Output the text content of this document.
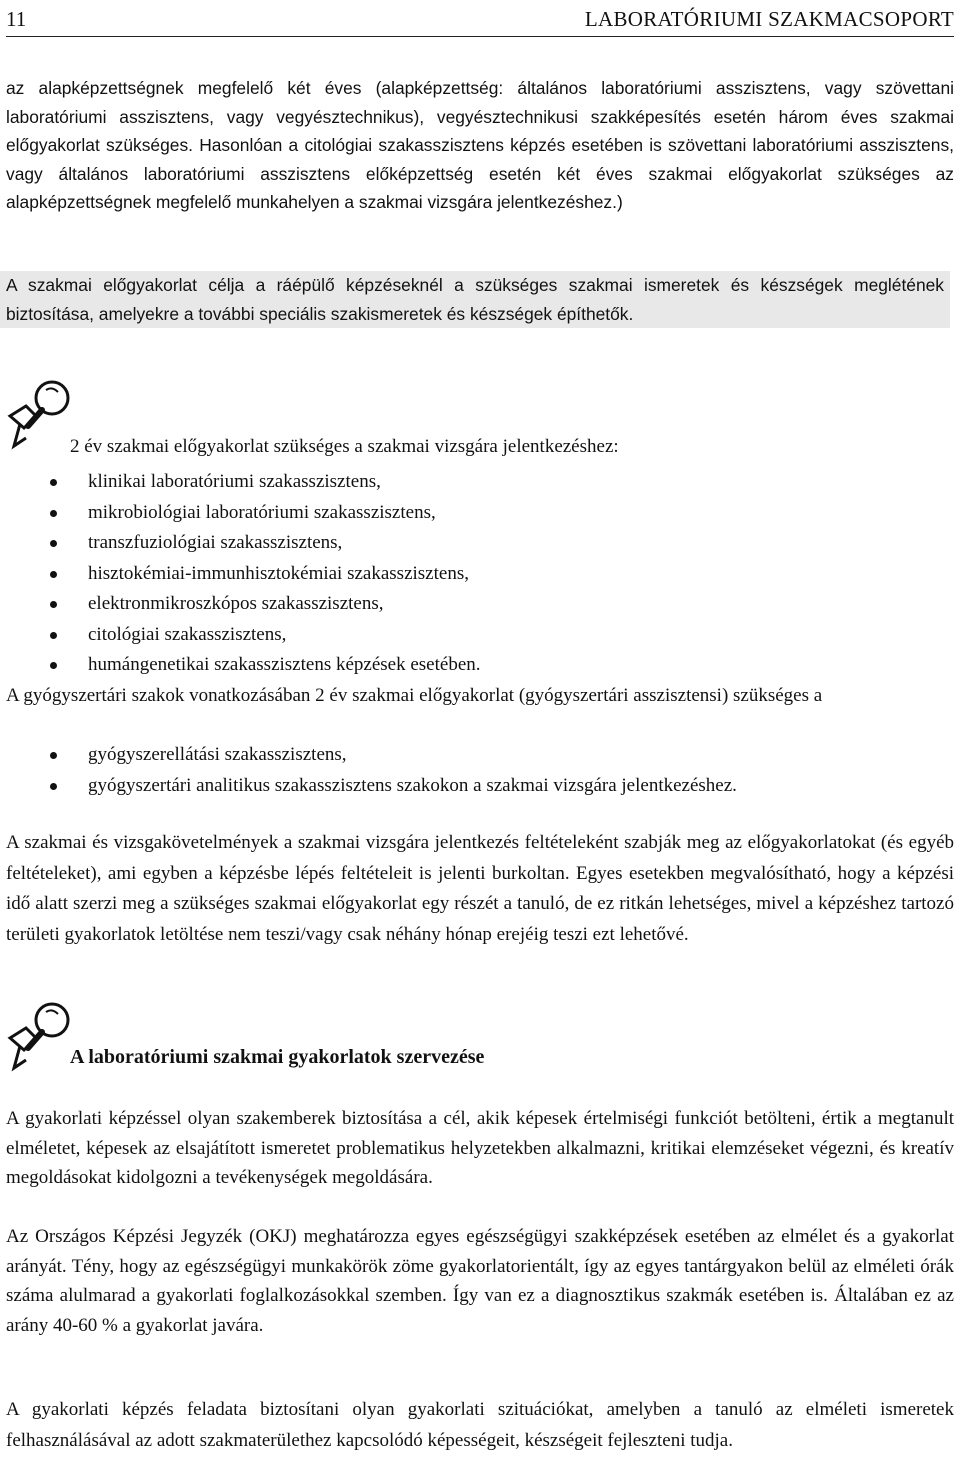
11	LABORATÓRIUMI SZAKMACSOPORT

az alapképzettségnek megfelelő két éves (alapképzettség: általános laboratóriumi asszisztens, vagy szövettani laboratóriumi asszisztens, vagy vegyésztechnikus), vegyésztechnikusi szakképesítés esetén három éves szakmai előgyakorlat szükséges. Hasonlóan a citológiai szakasszisztens képzés esetében is szövettani laboratóriumi asszisztens, vagy általános laboratóriumi asszisztens előképzettség esetén két éves szakmai előgyakorlat szükséges az alapképzettségnek megfelelő munkahelyen a szakmai vizsgára jelentkezéshez.)

A szakmai előgyakorlat célja a ráépülő képzéseknél a szükséges szakmai ismeretek és készségek meglétének biztosítása, amelyekre a további speciális szakismeretek és készségek építhetők.

2 év szakmai előgyakorlat szükséges a szakmai vizsgára jelentkezéshez:
klinikai laboratóriumi szakasszisztens,
mikrobiológiai laboratóriumi szakasszisztens,
transzfuziológiai szakasszisztens,
hisztokémiai-immunhisztokémiai szakasszisztens,
elektronmikroszkópos szakasszisztens,
citológiai szakasszisztens,
humángenetikai szakasszisztens képzések esetében.

A gyógyszertári szakok vonatkozásában 2 év szakmai előgyakorlat (gyógyszertári asszisztensi) szükséges a

gyógyszerellátási szakasszisztens,
gyógyszertári analitikus szakasszisztens szakokon a szakmai vizsgára jelentkezéshez.

A szakmai és vizsgakövetelmények a szakmai vizsgára jelentkezés feltételeként szabják meg az előgyakorlatokat (és egyéb feltételeket), ami egyben a képzésbe lépés feltételeit is jelenti burkoltan. Egyes esetekben megvalósítható, hogy a képzési idő alatt szerzi meg a szükséges szakmai előgyakorlat egy részét a tanuló, de ez ritkán lehetséges, mivel a képzéshez tartozó területi gyakorlatok letöltése nem teszi/vagy csak néhány hónap erejéig teszi ezt lehetővé.

A laboratóriumi szakmai gyakorlatok szervezése

A gyakorlati képzéssel olyan szakemberek biztosítása a cél, akik képesek értelmiségi funkciót betölteni, értik a megtanult elméletet, képesek az elsajátított ismeretet problematikus helyzetekben alkalmazni, kritikai elemzéseket végezni, és kreatív megoldásokat kidolgozni a tevékenységek megoldására.

Az Országos Képzési Jegyzék (OKJ) meghatározza egyes egészségügyi szakképzések esetében az elmélet és a gyakorlat arányát. Tény, hogy az egészségügyi munkakörök zöme gyakorlatorientált, így az egyes tantárgyakon belül az elméleti órák száma alulmarad a gyakorlati foglalkozásokkal szemben. Így van ez a diagnosztikus szakmák esetében is. Általában ez az arány 40-60 % a gyakorlat javára.

A gyakorlati képzés feladata biztosítani olyan gyakorlati szituációkat, amelyben a tanuló az elméleti ismeretek felhasználásával az adott szakmaterülethez kapcsolódó képességeit, készségeit fejleszteni tudja.
